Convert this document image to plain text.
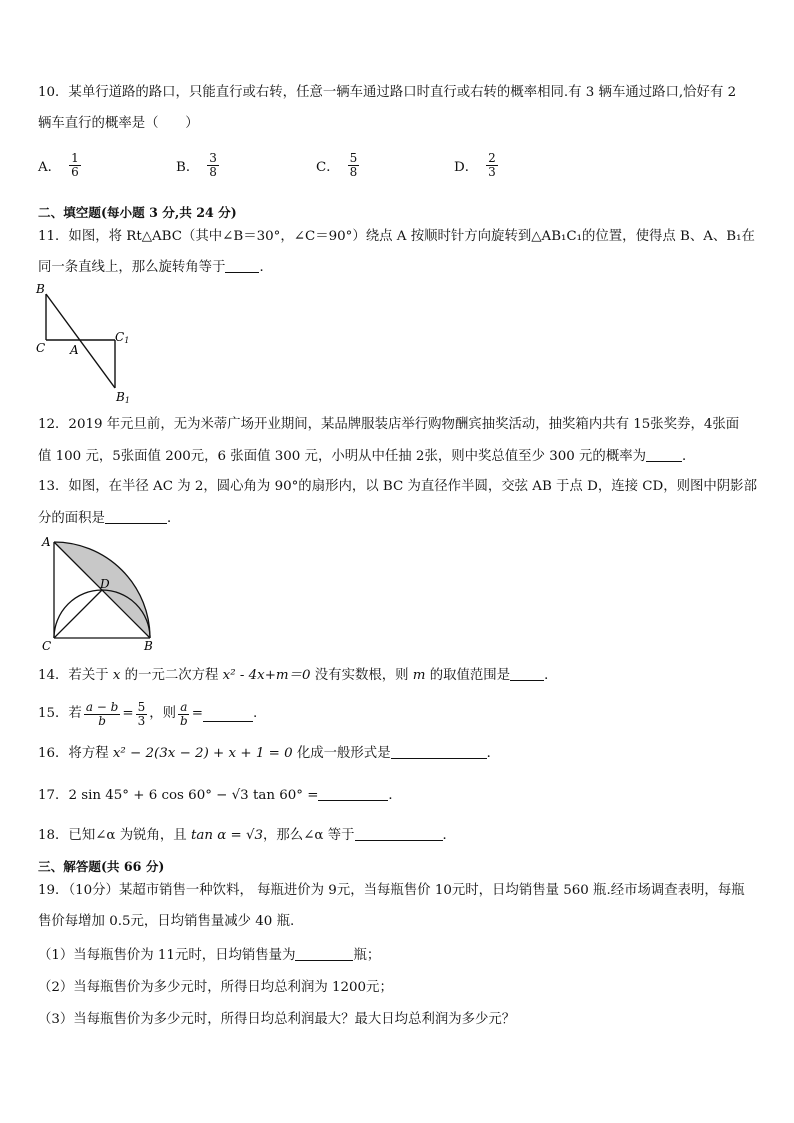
10．某单行道路的路口，只能直行或右转，任意一辆车通过路口时直行或右转的概率相同.有 3 辆车通过路口,恰好有 2
辆车直行的概率是（　　）
A． $\frac{1}{6}$	B． $\frac{3}{8}$	C． $\frac{5}{8}$	D． $\frac{2}{3}$
二、填空题(每小题 3 分,共 24 分)
11．如图，将 Rt△ABC（其中∠B＝30°，∠C＝90°）绕点 A 按顺时针方向旋转到△AB₁C₁的位置，使得点 B、A、B₁在
同一条直线上，那么旋转角等于	．
B
C A
C1
B1
12．2019 年元旦前，无为米蒂广场开业期间，某品牌服装店举行购物酬宾抽奖活动，抽奖箱内共有 15张奖券，4张面
值 100 元，5张面值 200元，6 张面值 300 元，小明从中任抽 2张，则中奖总值至少 300 元的概率为	．
13．如图，在半径 AC 为 2，圆心角为 90°的扇形内，以 BC 为直径作半圆，交弦 AB 于点 D，连接 CD，则图中阴影部
分的面积是	．
A
D
C	B
14．若关于 x 的一元二次方程 x² - 4x+m＝0 没有实数根，则 m 的取值范围是	．
15．若 $\frac{a - b}{b} = \frac{5}{3}$ ，则 $\frac{a}{b}$ =	.
16．将方程 x² − 2(3x − 2) + x + 1 = 0 化成一般形式是	．
17．2 sin 45° + 6 cos 60° − √3 tan 60° =	．
18．已知∠α 为锐角，且 tan α = √3，那么∠α 等于	．
三、解答题(共 66 分)
19．（10分）某超市销售一种饮料， 每瓶进价为 9元，当每瓶售价 10元时，日均销售量 560 瓶.经市场调查表明，每瓶
售价每增加 0.5元，日均销售量减少 40 瓶.
（1）当每瓶售价为 11元时，日均销售量为	瓶；
（2）当每瓶售价为多少元时，所得日均总利润为 1200元；
（3）当每瓶售价为多少元时，所得日均总利润最大？最大日均总利润为多少元？
